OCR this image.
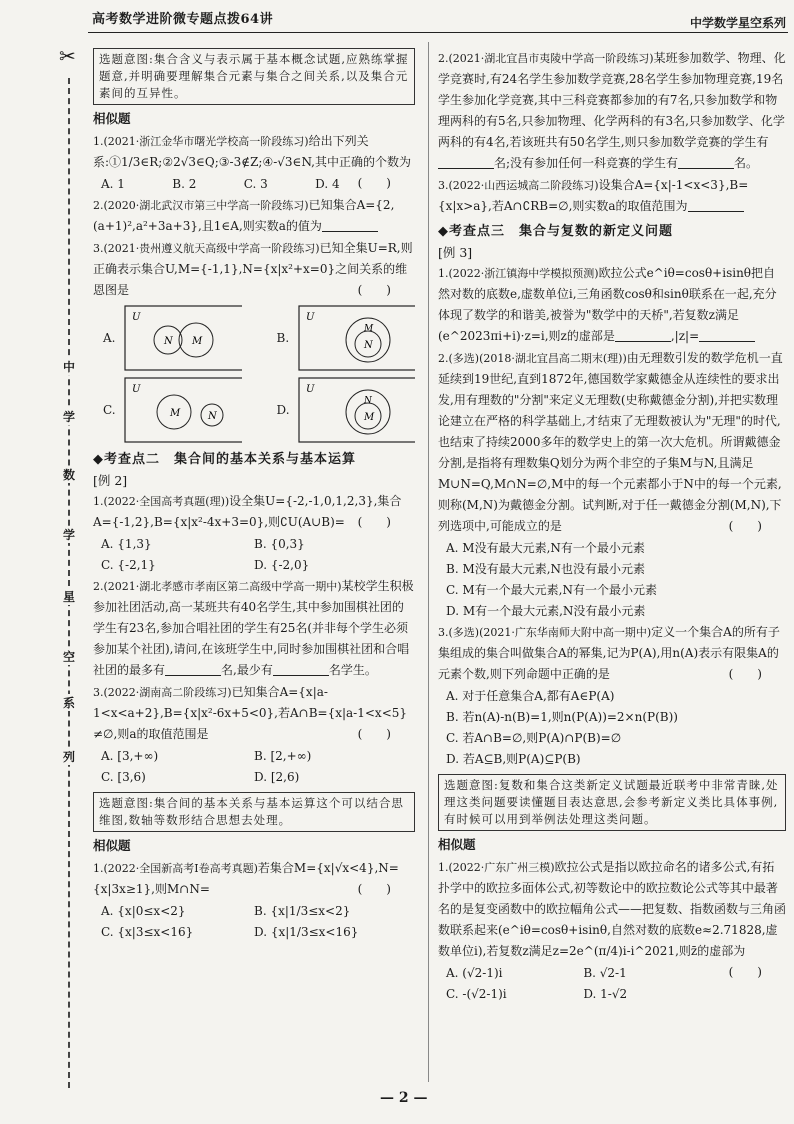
高考数学进阶微专题点拨64讲	中学数学星空系列
✂
中
学
数
学
星
空
系
列
选题意图:集合含义与表示属于基本概念试题,应熟练掌握题意,并明确要理解集合元素与集合之间关系,以及集合元素间的互异性。
相似题
1.(2021·浙江金华市曙光学校高一阶段练习)给出下列关系:①1/3∈R;②2√3∈Q;③-3∉Z;④-√3∈N,其中正确的个数为
(　　)
A. 1	B. 2	C. 3	D. 4
2.(2020·湖北武汉市第三中学高一阶段练习)已知集合A={2,(a+1)²,a²+3a+3},且1∈A,则实数a的值为
3.(2021·贵州遵义航天高级中学高一阶段练习)已知全集U=R,则正确表示集合U,M={-1,1},N={x|x²+x=0}之间关系的维恩图是	(　　)
A.
U
N M	B.
U
M
N
C.
U
M	N	D.
U
N
M
◆考查点二　集合间的基本关系与基本运算
[例 2]
1.(2022·全国高考真题(理))设全集U={-2,-1,0,1,2,3},集合A={-1,2},B={x|x²-4x+3=0},则∁U(A∪B)= (　　)
A. {1,3}	B. {0,3}
C. {-2,1}	D. {-2,0}
2.(2021·湖北孝感市孝南区第二高级中学高一期中)某校学生积极参加社团活动,高一某班共有40名学生,其中参加围棋社团的学生有23名,参加合唱社团的学生有25名(并非每个学生必须参加某个社团),请问,在该班学生中,同时参加围棋社团和合唱社团的最多有	名,最少有	名学生。
3.(2022·湖南高二阶段练习)已知集合A={x|a-1<x<a+2},B={x|x²-6x+5<0},若A∩B={x|a-1<x<5}≠∅,则a的取值范围是	(　　)
A. [3,+∞)	B. [2,+∞)
C. [3,6)	D. [2,6)
选题意图:集合间的基本关系与基本运算这个可以结合思维图,数轴等数形结合思想去处理。
相似题
1.(2022·全国新高考Ⅰ卷高考真题)若集合M={x|√x<4},N={x|3x≥1},则M∩N=	(　　)
A. {x|0≤x<2}	B. {x|1/3≤x<2}
C. {x|3≤x<16}	D. {x|1/3≤x<16}
2.(2021·湖北宜昌市夷陵中学高一阶段练习)某班参加数学、物理、化学竞赛时,有24名学生参加数学竞赛,28名学生参加物理竞赛,19名学生参加化学竞赛,其中三科竞赛都参加的有7名,只参加数学和物理两科的有5名,只参加物理、化学两科的有3名,只参加数学、化学两科的有4名,若该班共有50名学生,则只参加数学竞赛的学生有名;没有参加任何一科竞赛的学生有	名。
3.(2022·山西运城高二阶段练习)设集合A={x|-1<x<3},B={x|x>a},若A∩∁RB=∅,则实数a的取值范围为
◆考查点三　集合与复数的新定义问题
[例 3]
1.(2022·浙江镇海中学模拟预测)欧拉公式e^iθ=cosθ+isinθ把自然对数的底数e,虚数单位i,三角函数cosθ和sinθ联系在一起,充分体现了数学的和谐美,被誉为"数学中的天桥",若复数z满足(e^2023πi+i)·z=i,则z的虚部是	,|z|=
2.(多选)(2018·湖北宜昌高二期末(理))由无理数引发的数学危机一直延续到19世纪,直到1872年,德国数学家戴德金从连续性的要求出发,用有理数的"分割"来定义无理数(史称戴德金分割),并把实数理论建立在严格的科学基础上,才结束了无理数被认为"无理"的时代,也结束了持续2000多年的数学史上的第一次大危机。所谓戴德金分割,是指将有理数集Q划分为两个非空的子集M与N,且满足M∪N=Q,M∩N=∅,M中的每一个元素都小于N中的每一个元素,则称(M,N)为戴德金分割。试判断,对于任一戴德金分割(M,N),下列选项中,可能成立的是	(　　)
A. M没有最大元素,N有一个最小元素
B. M没有最大元素,N也没有最小元素
C. M有一个最大元素,N有一个最小元素
D. M有一个最大元素,N没有最小元素
3.(多选)(2021·广东华南师大附中高一期中)定义一个集合A的所有子集组成的集合叫做集合A的幂集,记为P(A),用n(A)表示有限集A的元素个数,则下列命题中正确的是	(　　)
A. 对于任意集合A,都有A∈P(A)
B. 若n(A)-n(B)=1,则n(P(A))=2×n(P(B))
C. 若A∩B=∅,则P(A)∩P(B)=∅
D. 若A⊆B,则P(A)⊆P(B)
选题意图:复数和集合这类新定义试题最近联考中非常青睐,处理这类问题要读懂题目表达意思,会参考新定义类比具体事例,有时候可以用到举例法处理这类问题。
相似题
1.(2022·广东广州三模)欧拉公式是指以欧拉命名的诸多公式,有拓扑学中的欧拉多面体公式,初等数论中的欧拉数论公式等其中最著名的是复变函数中的欧拉幅角公式——把复数、指数函数与三角函数联系起来(e^iθ=cosθ+isinθ,自然对数的底数e≈2.71828,虚数单位i),若复数z满足z=2e^(π/4)i-i^2021,则z̄的虚部为
(　　)
A. (√2-1)i	B. √2-1
C. -(√2-1)i	D. 1-√2
— 2 —
